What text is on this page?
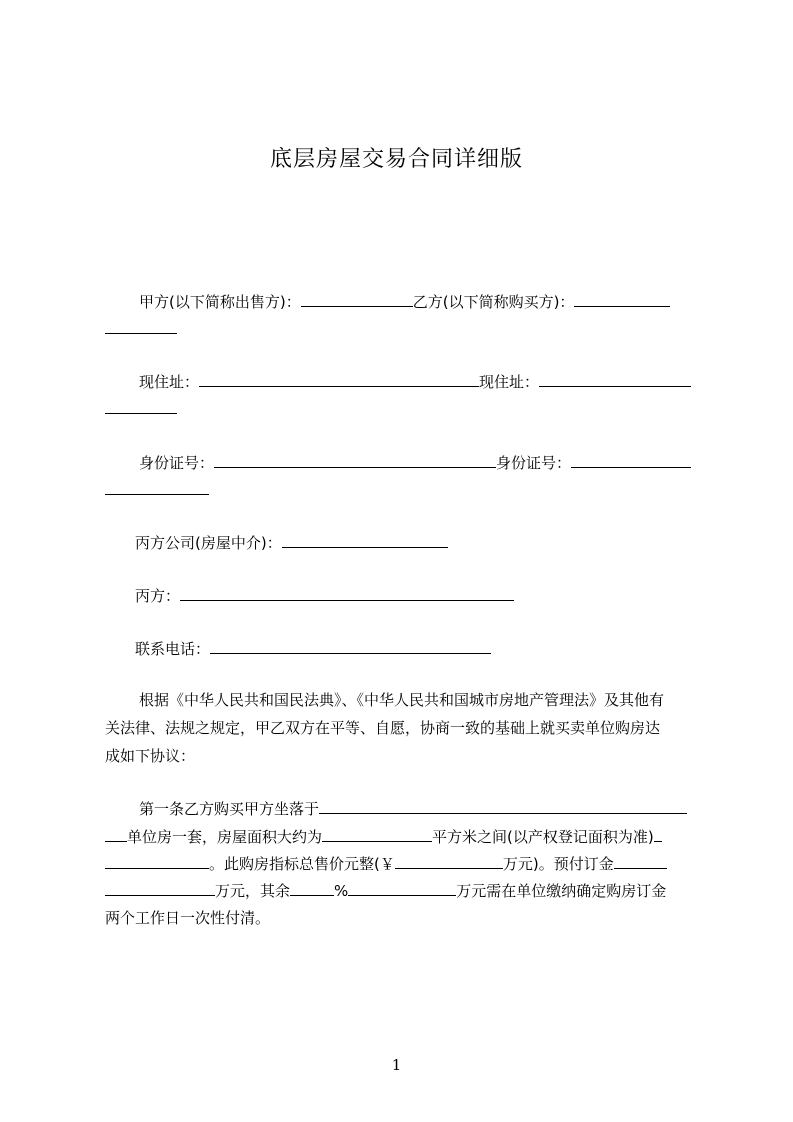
底层房屋交易合同详细版
甲方(以下简称出售方)：	乙方(以下简称购买方)：
现住址：	现住址：
身份证号：	身份证号：
丙方公司(房屋中介)：
丙方：
联系电话：
根据《中华人民共和国民法典》、《中华人民共和国城市房地产管理法》及其他有
关法律、法规之规定，甲乙双方在平等、自愿，协商一致的基础上就买卖单位购房达
成如下协议：
第一条乙方购买甲方坐落于
单位房一套，房屋面积大约为	平方米之间(以产权登记面积为准)
。此购房指标总售价元整(￥	万元)。预付订金
万元，其余	%	万元需在单位缴纳确定购房订金
两个工作日一次性付清。
1
